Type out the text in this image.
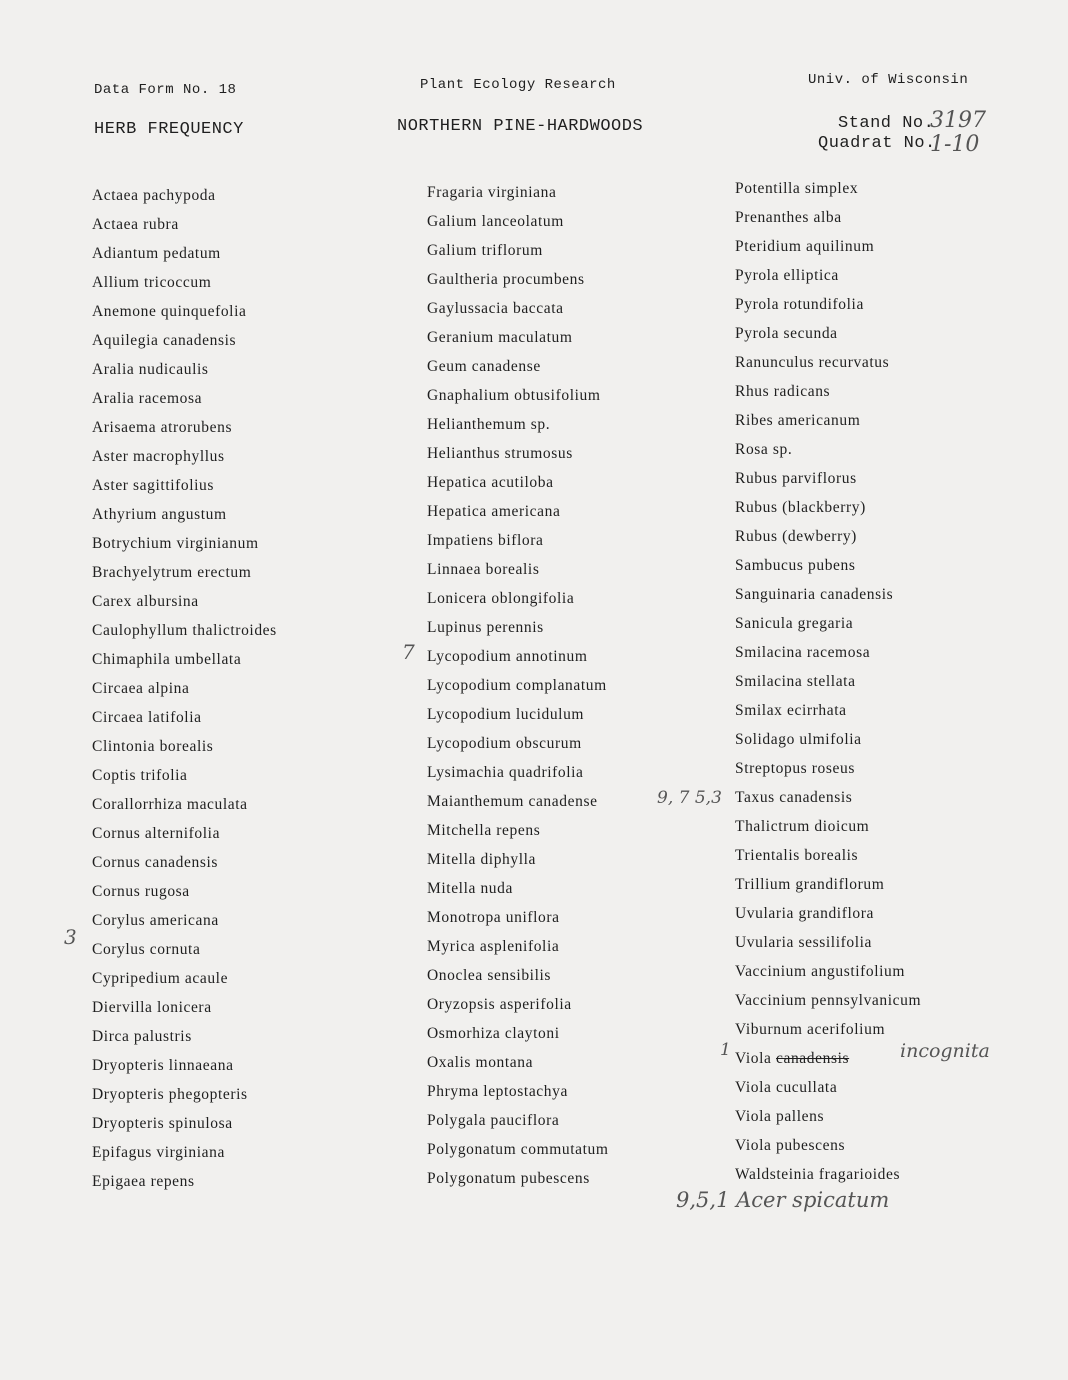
Data Form No. 18	Plant Ecology Research	Univ. of Wisconsin
HERB FREQUENCY	NORTHERN PINE-HARDWOODS	Stand No.
3197
Quadrat No.
1-10
Actaea pachypoda
Actaea rubra
Adiantum pedatum
Allium tricoccum
Anemone quinquefolia
Aquilegia canadensis
Aralia nudicaulis
Aralia racemosa
Arisaema atrorubens
Aster macrophyllus
Aster sagittifolius
Athyrium angustum
Botrychium virginianum
Brachyelytrum erectum
Carex albursina
Caulophyllum thalictroides
Chimaphila umbellata
Circaea alpina
Circaea latifolia
Clintonia borealis
Coptis trifolia
Corallorrhiza maculata
Cornus alternifolia
Cornus canadensis
Cornus rugosa
Corylus americana
Corylus cornuta
Cypripedium acaule
Diervilla lonicera
Dirca palustris
Dryopteris linnaeana
Dryopteris phegopteris
Dryopteris spinulosa
Epifagus virginiana
Epigaea repens
Fragaria virginiana
Galium lanceolatum
Galium triflorum
Gaultheria procumbens
Gaylussacia baccata
Geranium maculatum
Geum canadense
Gnaphalium obtusifolium
Helianthemum sp.
Helianthus strumosus
Hepatica acutiloba
Hepatica americana
Impatiens biflora
Linnaea borealis
Lonicera oblongifolia
Lupinus perennis
Lycopodium annotinum
Lycopodium complanatum
Lycopodium lucidulum
Lycopodium obscurum
Lysimachia quadrifolia
Maianthemum canadense
Mitchella repens
Mitella diphylla
Mitella nuda
Monotropa uniflora
Myrica asplenifolia
Onoclea sensibilis
Oryzopsis asperifolia
Osmorhiza claytoni
Oxalis montana
Phryma leptostachya
Polygala pauciflora
Polygonatum commutatum
Polygonatum pubescens
Potentilla simplex
Prenanthes alba
Pteridium aquilinum
Pyrola elliptica
Pyrola rotundifolia
Pyrola secunda
Ranunculus recurvatus
Rhus radicans
Ribes americanum
Rosa sp.
Rubus parviflorus
Rubus (blackberry)
Rubus (dewberry)
Sambucus pubens
Sanguinaria canadensis
Sanicula gregaria
Smilacina racemosa
Smilacina stellata
Smilax ecirrhata
Solidago ulmifolia
Streptopus roseus
Taxus canadensis
Thalictrum dioicum
Trientalis borealis
Trillium grandiflorum
Uvularia grandiflora
Uvularia sessilifolia
Vaccinium angustifolium
Vaccinium pennsylvanicum
Viburnum acerifolium
Viola canadensis
Viola cucullata
Viola pallens
Viola pubescens
Waldsteinia fragarioides
3
7
9, 7 5,3
1	incognita
9,5,1 Acer spicatum
